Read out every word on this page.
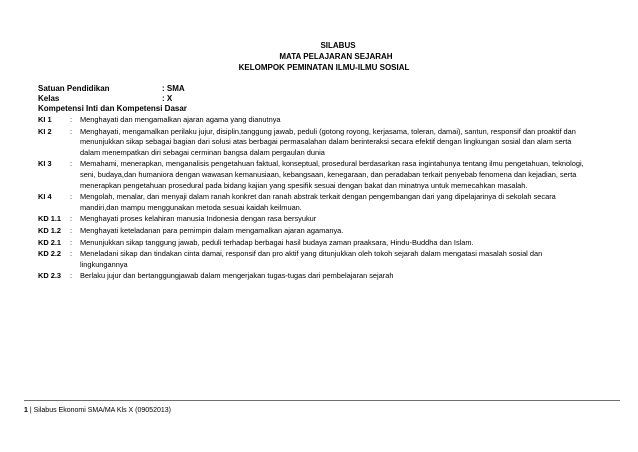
SILABUS
MATA PELAJARAN SEJARAH
KELOMPOK PEMINATAN ILMU-ILMU SOSIAL
Satuan Pendidikan	: SMA
Kelas	: X
Kompetensi Inti dan Kompetensi Dasar
KI 1	:	Menghayati dan mengamalkan ajaran agama yang dianutnya
KI 2	:	Menghayati, mengamalkan perilaku jujur, disiplin,tanggung jawab, peduli (gotong royong, kerjasama, toleran, damai), santun, responsif dan proaktif dan menunjukkan sikap sebagai bagian dari solusi atas berbagai permasalahan dalam berinteraksi secara efektif dengan lingkungan sosial dan alam serta dalam menempatkan diri sebagai cerminan bangsa dalam pergaulan dunia
KI 3	:	Memahami, menerapkan, menganalisis pengetahuan faktual, konseptual, prosedural berdasarkan rasa ingintahunya tentang ilmu pengetahuan, teknologi, seni, budaya,dan humaniora dengan wawasan kemanusiaan, kebangsaan, kenegaraan, dan peradaban terkait penyebab fenomena dan kejadian, serta menerapkan pengetahuan prosedural pada bidang kajian yang spesifik sesuai dengan bakat dan minatnya untuk memecahkan masalah.
KI 4	:	Mengolah, menalar, dan menyaji dalam ranah konkret dan ranah abstrak terkait dengan pengembangan dari yang dipelajarinya di sekolah secara mandiri,dan mampu menggunakan metoda sesuai kaidah keilmuan.
KD 1.1	:	Menghayati proses kelahiran manusia Indonesia dengan rasa bersyukur
KD 1.2	:	Menghayati keteladanan para pemimpin dalam mengamalkan ajaran agamanya.
KD 2.1	:	Menunjukkan sikap tanggung jawab, peduli terhadap berbagai hasil budaya zaman praaksara, Hindu-Buddha dan Islam.
KD 2.2	:	Meneladani sikap dan tindakan cinta damai, responsif dan pro aktif yang ditunjukkan oleh tokoh sejarah dalam mengatasi masalah sosial dan lingkungannya
KD 2.3	:	Berlaku jujur dan bertanggungjawab dalam mengerjakan tugas-tugas dari pembelajaran sejarah
1 | Silabus Ekonomi SMA/MA Kls X (09052013)
